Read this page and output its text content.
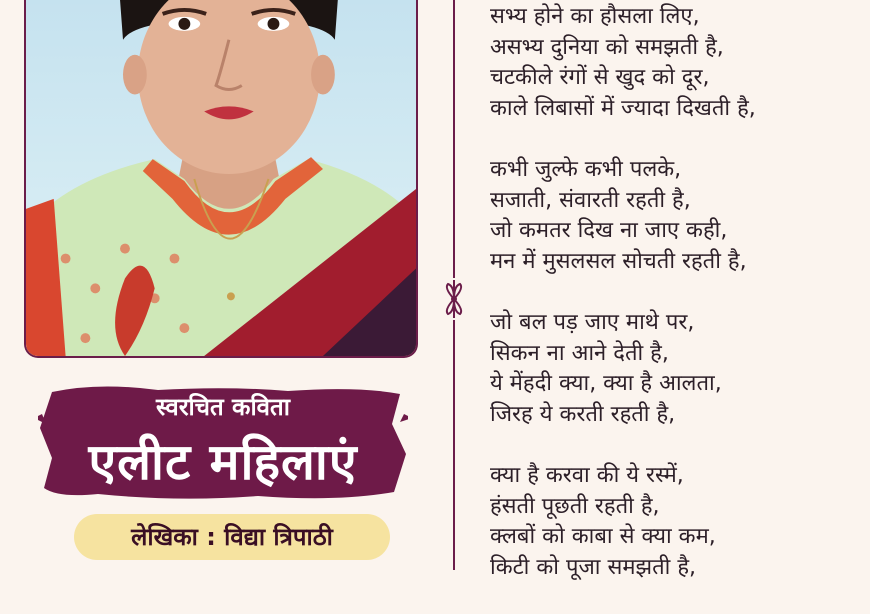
स्वरचित कविता
एलीट महिलाएं
लेखिका : विद्या त्रिपाठी
सभ्य होने का हौसला लिए,
असभ्य दुनिया को समझती है,
चटकीले रंगों से खुद को दूर,
काले लिबासों में ज्यादा दिखती है,
कभी जुल्फे कभी पलके,
सजाती, संवारती रहती है,
जो कमतर दिख ना जाए कही,
मन में मुसलसल सोचती रहती है,
जो बल पड़ जाए माथे पर,
सिकन ना आने देती है,
ये मेंहदी क्या, क्या है आलता,
जिरह ये करती रहती है,
क्या है करवा की ये रस्में,
हंसती पूछती रहती है,
क्लबों को काबा से क्या कम,
किटी को पूजा समझती है,
